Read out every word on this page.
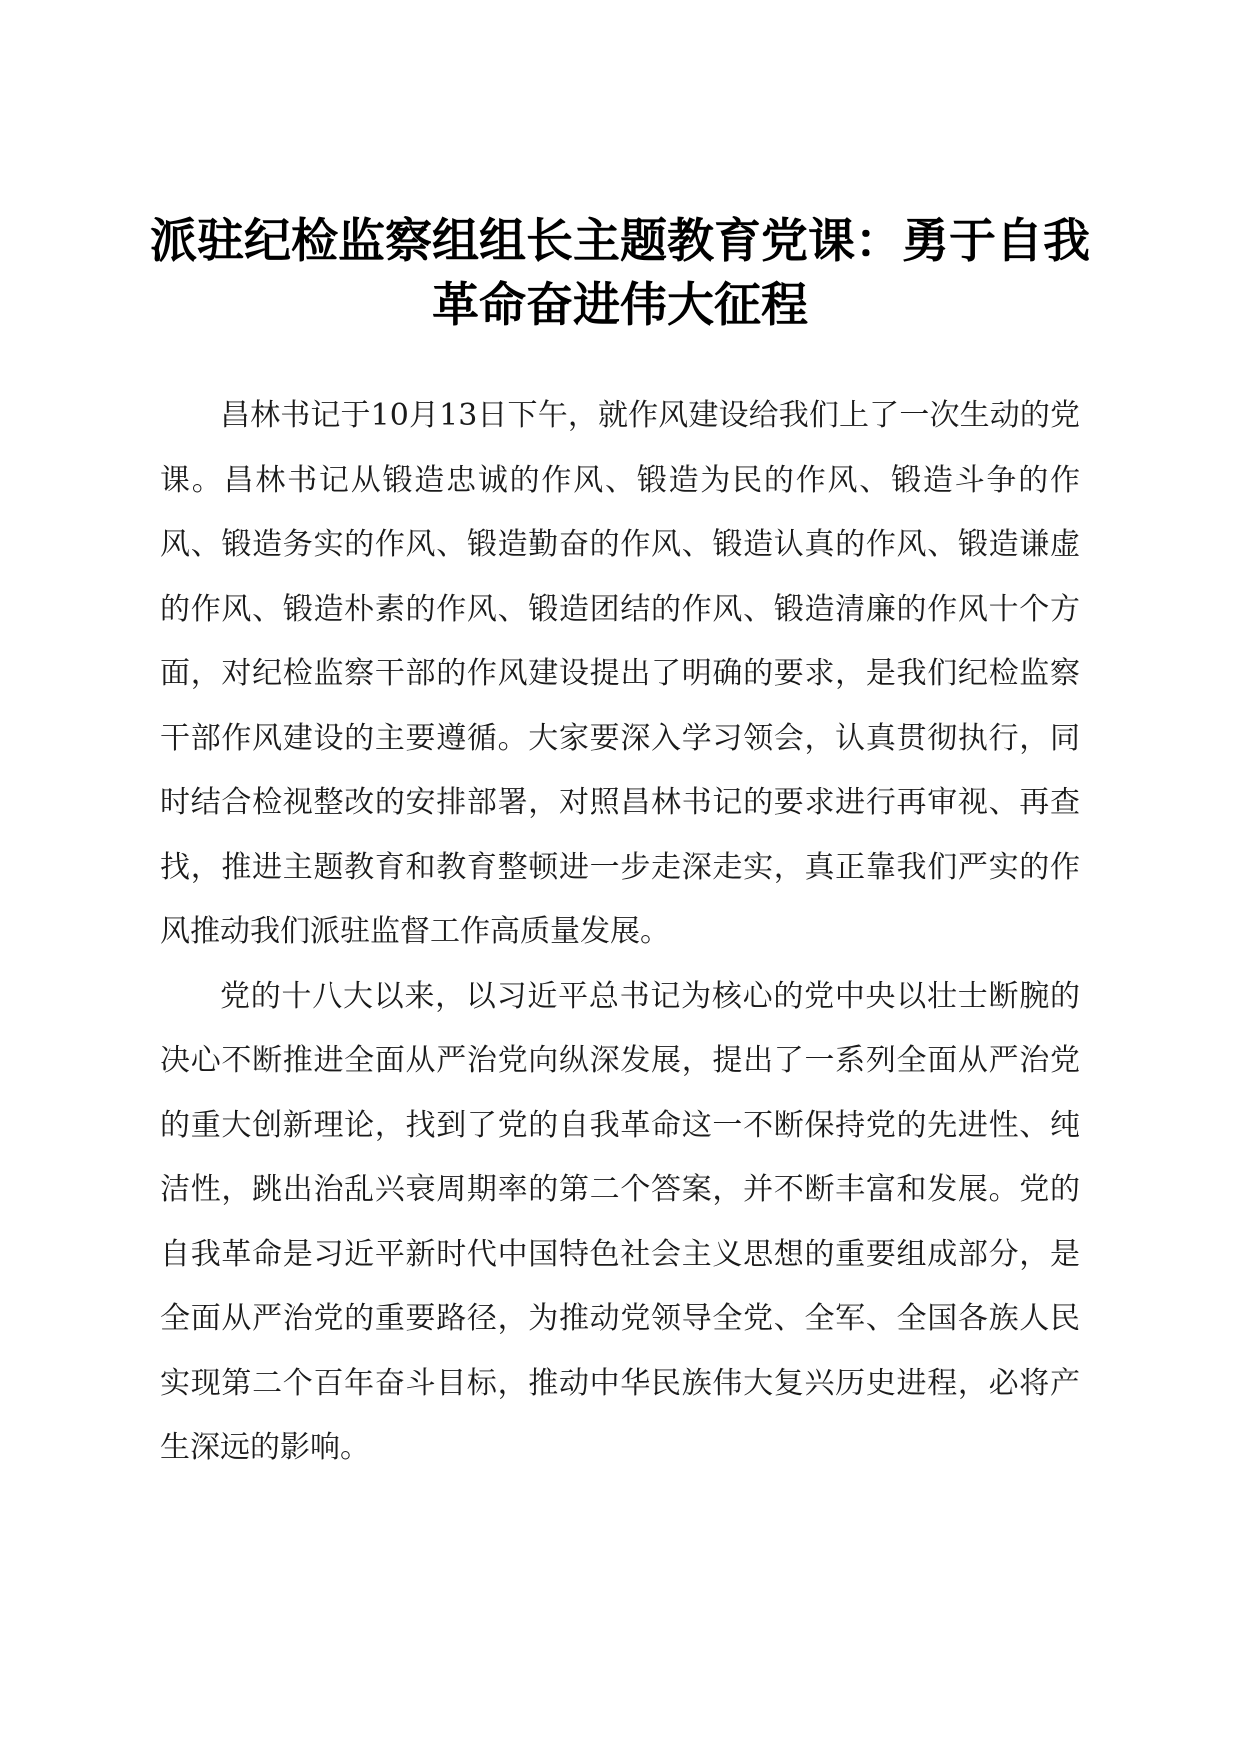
派驻纪检监察组组长主题教育党课：勇于自我
革命奋进伟大征程

昌林书记于10月13日下午，就作风建设给我们上了一次生动的党课。昌林书记从锻造忠诚的作风、锻造为民的作风、锻造斗争的作风、锻造务实的作风、锻造勤奋的作风、锻造认真的作风、锻造谦虚的作风、锻造朴素的作风、锻造团结的作风、锻造清廉的作风十个方面，对纪检监察干部的作风建设提出了明确的要求，是我们纪检监察干部作风建设的主要遵循。大家要深入学习领会，认真贯彻执行，同时结合检视整改的安排部署，对照昌林书记的要求进行再审视、再查找，推进主题教育和教育整顿进一步走深走实，真正靠我们严实的作风推动我们派驻监督工作高质量发展。

党的十八大以来，以习近平总书记为核心的党中央以壮士断腕的决心不断推进全面从严治党向纵深发展，提出了一系列全面从严治党的重大创新理论，找到了党的自我革命这一不断保持党的先进性、纯洁性，跳出治乱兴衰周期率的第二个答案，并不断丰富和发展。党的自我革命是习近平新时代中国特色社会主义思想的重要组成部分，是全面从严治党的重要路径，为推动党领导全党、全军、全国各族人民实现第二个百年奋斗目标，推动中华民族伟大复兴历史进程，必将产生深远的影响。
